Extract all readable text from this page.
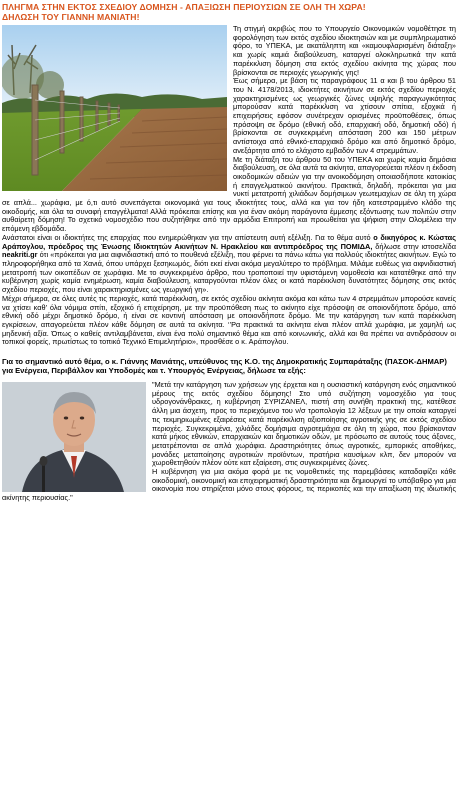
ΠΛΗΓΜΑ ΣΤΗΝ ΕΚΤΟΣ ΣΧΕΔΙΟΥ ΔΟΜΗΣΗ - ΑΠΑΞΙΩΣΗ ΠΕΡΙΟΥΣΙΩΝ ΣΕ ΟΛΗ ΤΗ ΧΩΡΑ!
ΔΗΛΩΣΗ ΤΟΥ ΓΙΑΝΝΗ ΜΑΝΙΑΤΗ!

Τη στιγμή ακριβώς που το Υπουργείο Οικονομικών νομοθέτησε τη φορολόγηση των εκτός σχεδίου ιδιοκτησιών και με συμπληρωματικό φόρο, το ΥΠΕΚΑ, με ακατάληπτη και «καμουφλαρισμένη διάταξη» και χωρίς καμιά διαβούλευση, καταργεί ολοκληρωτικά την κατά παρέκκλιση δόμηση στα εκτός σχεδίου ακίνητα της χώρας που βρίσκονται σε περιοχές γεωργικής γης!

Έως σήμερα, με βάση τις παραγράφους 11 α και β του άρθρου 51 του Ν. 4178/2013, ιδιοκτήτες ακινήτων σε εκτός σχεδίου περιοχές χαρακτηρισμένες ως γεωργικές ζώνες υψηλής παραγωγικότητας μπορούσαν κατά παρέκκλιση να χτίσουν σπίτια, εξοχικά ή επιχειρήσεις εφόσον συνέτρεχαν ορισμένες προϋποθέσεις, όπως πρόσοψη σε δρόμο (εθνική οδό, επαρχιακή οδό, δημοτική οδό) ή βρίσκονται σε συγκεκριμένη απόσταση 200 και 150 μέτρων αντίστοιχα από εθνικό-επαρχιακό δρόμο και από δημοτικό δρόμο, ανεξάρτητα από το ελάχιστο εμβαδόν των 4 στρεμμάτων.

Με τη διάταξη του άρθρου 50 του ΥΠΕΚΑ και χωρίς καμία δημόσια διαβούλευση, σε όλα αυτά τα ακίνητα, απαγορεύεται πλέον η έκδοση οικοδομικών αδειών για την ανοικοδόμηση οποιασδήποτε κατοικίας ή επαγγελματικού ακινήτου. Πρακτικά, δηλαδή, πρόκειται για μια νυκτί μετατροπή χιλιάδων δομήσιμων γεωτεμαχίων σε όλη τη χώρα σε απλά... χωράφια, με ό,τι αυτό συνεπάγεται οικονομικά για τους ιδιοκτήτες τους, αλλά και για τον ήδη κατεστραμμένο κλάδο της οικοδομής, και όλα τα συναφή επαγγέλματα! Αλλά πρόκειται επίσης και για έναν ακόμη παράγοντα έμμεσης εξόντωσης των πολιτών στην αυθαίρετη δόμηση! Το σχετικό νομοσχέδιο που συζητήθηκε από την αρμόδια Επιτροπή και προωθείται για ψήφιση στην Ολομέλεια την επόμενη εβδομάδα.

Ανάστατοι είναι οι ιδιοκτήτες της επαρχίας που ενημερώθηκαν για την απίστευτη αυτή εξέλιξη. Για το θέμα αυτό ο δικηγόρος κ. Κώστας Αράπογλου, πρόεδρος της Ένωσης Ιδιοκτητών Ακινήτων Ν. Ηρακλείου και αντιπρόεδρος της ΠΟΜΙΔΑ, δήλωσε στην ιστοσελίδα neakriti.gr ότι «πρόκειται για μια αιφνιδιαστική από το πουθενά εξέλιξη, που φέρνει τα πάνω κάτω για πολλούς ιδιοκτήτες ακινήτων. Εγώ το πληροφορήθηκα από τα Χανιά, όπου υπάρχει ξεσηκωμός, διότι εκεί είναι ακόμα μεγαλύτερο το πρόβλημα. Μιλάμε ευθέως για αιφνιδιαστική μετατροπή των οικοπέδων σε χωράφια. Με το συγκεκριμένο άρθρο, που τροποποιεί την υφιστάμενη νομοθεσία και κατατέθηκε από την κυβέρνηση χωρίς καμία ενημέρωση, καμία διαβούλευση, καταργούνται πλέον όλες οι κατά παρέκκλιση δυνατότητες δόμησης στις εκτός σχεδίου περιοχές, που είναι χαρακτηρισμένες ως γεωργική γη».

Μέχρι σήμερα, σε όλες αυτές τις περιοχές, κατά παρέκκλιση, σε εκτός σχεδίου ακίνητα ακόμα και κάτω των 4 στρεμμάτων μπορούσε κανείς να χτίσει καθ’ όλα νόμιμα σπίτι, εξοχικό ή επιχείρηση, με την προϋπόθεση πως το ακίνητο είχε πρόσοψη σε οποιονδήποτε δρόμο, από εθνική οδό μέχρι δημοτικό δρόμο, ή είναι σε κοντινή απόσταση με οποιονδήποτε δρόμο. Με την κατάργηση των κατά παρέκκλιση εγκρίσεων, απαγορεύεται πλέον κάθε δόμηση σε αυτά τα ακίνητα. ‘’Ρα πρακτικά τα ακίνητα είναι πλέον απλά χωράφια, με χαμηλή ως μηδενική αξία. Όπως ο καθείς αντιλαμβάνεται, είναι ένα πολύ σημαντικό θέμα και από κοινωνικής, αλλά και θα πρέπει να αντιδράσουν οι τοπικοί φορείς, πρωτίστως το τοπικό Τεχνικό Επιμελητήριο», προσθέσε ο κ. Αράπογλου.

Για το σημαντικό αυτό θέμα, ο κ. Γιάννης Μανιάτης, υπεύθυνος της Κ.Ο. της Δημοκρατικής Συμπαράταξης (ΠΑΣΟΚ-ΔΗΜΑΡ) για Ενέργεια, Περιβάλλον και Υποδομές και τ. Υπουργός Ενέργειας, δήλωσε τα εξής:

"Μετά την κατάργηση των χρήσεων γης έρχεται και η ουσιαστική κατάργηση ενός σημαντικού μέρους της εκτός σχεδίου δόμησης! Στο υπό συζήτηση νομοσχέδιο για τους υδρογονάνθρακες, η κυβέρνηση ΣΥΡΙΖΑΝΕΛ, πιστή στη συνήθη πρακτική της, κατέθεσε άλλη μια άσχετη, προς το περιεχόμενο του ν/σ τροπολογία 12 λέξεων με την οποία καταργεί τις τεκμηριωμένες εξαιρέσεις κατά παρέκκλιση αξιοποίησης αγροτικής γης σε εκτός σχεδίου περιοχές. Συγκεκριμένα, χιλιάδες δομήσιμα αγροτεμάχια σε όλη τη χώρα, που βρίσκονταν κατά μήκος εθνικών, επαρχιακών και δημοτικών οδών, με πρόσωπο σε αυτούς τους άξονες, μετατρέπονται σε απλά χωράφια. Δραστηριότητες όπως αγροτικές, εμπορικές αποθήκες, μονάδες μεταποίησης αγροτικών προϊόντων, πρατήρια καυσίμων κλπ, δεν μπορούν να χωροθετηθούν πλέον ούτε κατ εξαίρεση, στις συγκεκριμένες ζώνες.

Η κυβέρνηση για μια ακόμα φορά με τις νομοθετικές της παρεμβάσεις καταδαφίζει κάθε οικοδομική, οικονομική και επιχειρηματική δραστηριότητα και δημιουργεί το υπόβαθρο για μια οικονομία που στηρίζεται μόνο στους φόρους, τις περικοπές και την απαξίωση της ιδιωτικής ακίνητης περιουσίας."
